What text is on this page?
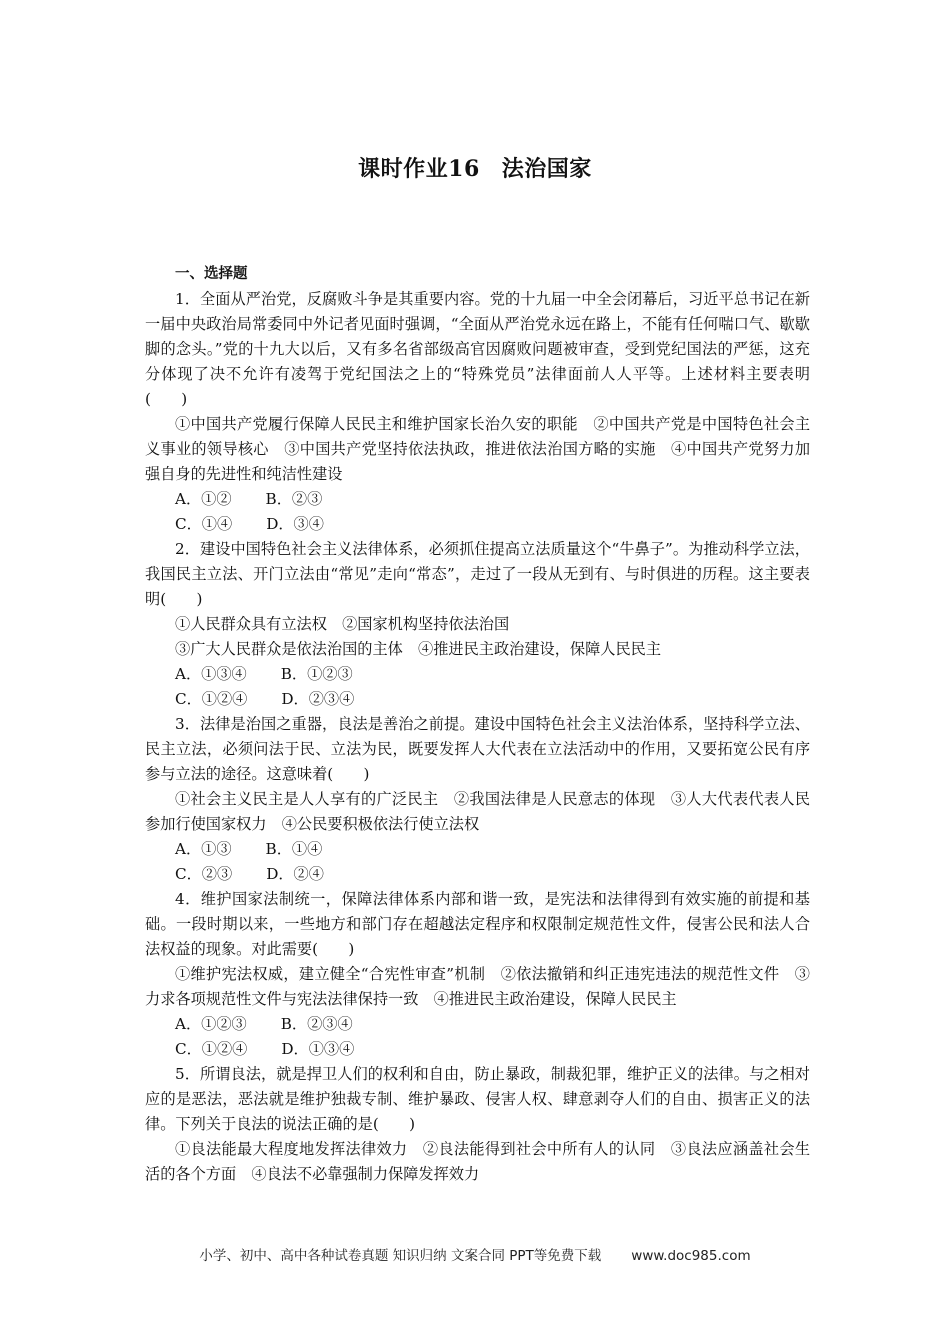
课时作业16 法治国家
一、选择题

1．全面从严治党，反腐败斗争是其重要内容。党的十九届一中全会闭幕后，习近平总书记在新一届中央政治局常委同中外记者见面时强调，“全面从严治党永远在路上，不能有任何喘口气、歇歇脚的念头。”党的十九大以后，又有多名省部级高官因腐败问题被审查，受到党纪国法的严惩，这充分体现了决不允许有凌驾于党纪国法之上的“特殊党员”法律面前人人平等。上述材料主要表明(　　)

①中国共产党履行保障人民民主和维护国家长治久安的职能　②中国共产党是中国特色社会主义事业的领导核心　③中国共产党坚持依法执政，推进依法治国方略的实施　④中国共产党努力加强自身的先进性和纯洁性建设

A．①② B．②③
C．①④ D．③④

2．建设中国特色社会主义法律体系，必须抓住提高立法质量这个“牛鼻子”。为推动科学立法，我国民主立法、开门立法由“常见”走向“常态”，走过了一段从无到有、与时俱进的历程。这主要表明(　　)

①人民群众具有立法权　②国家机构坚持依法治国

③广大人民群众是依法治国的主体　④推进民主政治建设，保障人民民主

A．①③④ B．①②③
C．①②④ D．②③④

3．法律是治国之重器，良法是善治之前提。建设中国特色社会主义法治体系，坚持科学立法、民主立法，必须问法于民、立法为民，既要发挥人大代表在立法活动中的作用，又要拓宽公民有序参与立法的途径。这意味着(　　)

①社会主义民主是人人享有的广泛民主　②我国法律是人民意志的体现　③人大代表代表人民参加行使国家权力　④公民要积极依法行使立法权

A．①③ B．①④
C．②③ D．②④

4．维护国家法制统一，保障法律体系内部和谐一致，是宪法和法律得到有效实施的前提和基础。一段时期以来，一些地方和部门存在超越法定程序和权限制定规范性文件，侵害公民和法人合法权益的现象。对此需要(　　)

①维护宪法权威，建立健全“合宪性审查”机制　②依法撤销和纠正违宪违法的规范性文件　③力求各项规范性文件与宪法法律保持一致　④推进民主政治建设，保障人民民主

A．①②③ B．②③④
C．①②④ D．①③④

5．所谓良法，就是捍卫人们的权利和自由，防止暴政，制裁犯罪，维护正义的法律。与之相对应的是恶法，恶法就是维护独裁专制、维护暴政、侵害人权、肆意剥夺人们的自由、损害正义的法律。下列关于良法的说法正确的是(　　)

①良法能最大程度地发挥法律效力　②良法能得到社会中所有人的认同　③良法应涵盖社会生活的各个方面　④良法不必靠强制力保障发挥效力

小学、初中、高中各种试卷真题 知识归纳 文案合同 PPT等免费下载 www.doc985.com
